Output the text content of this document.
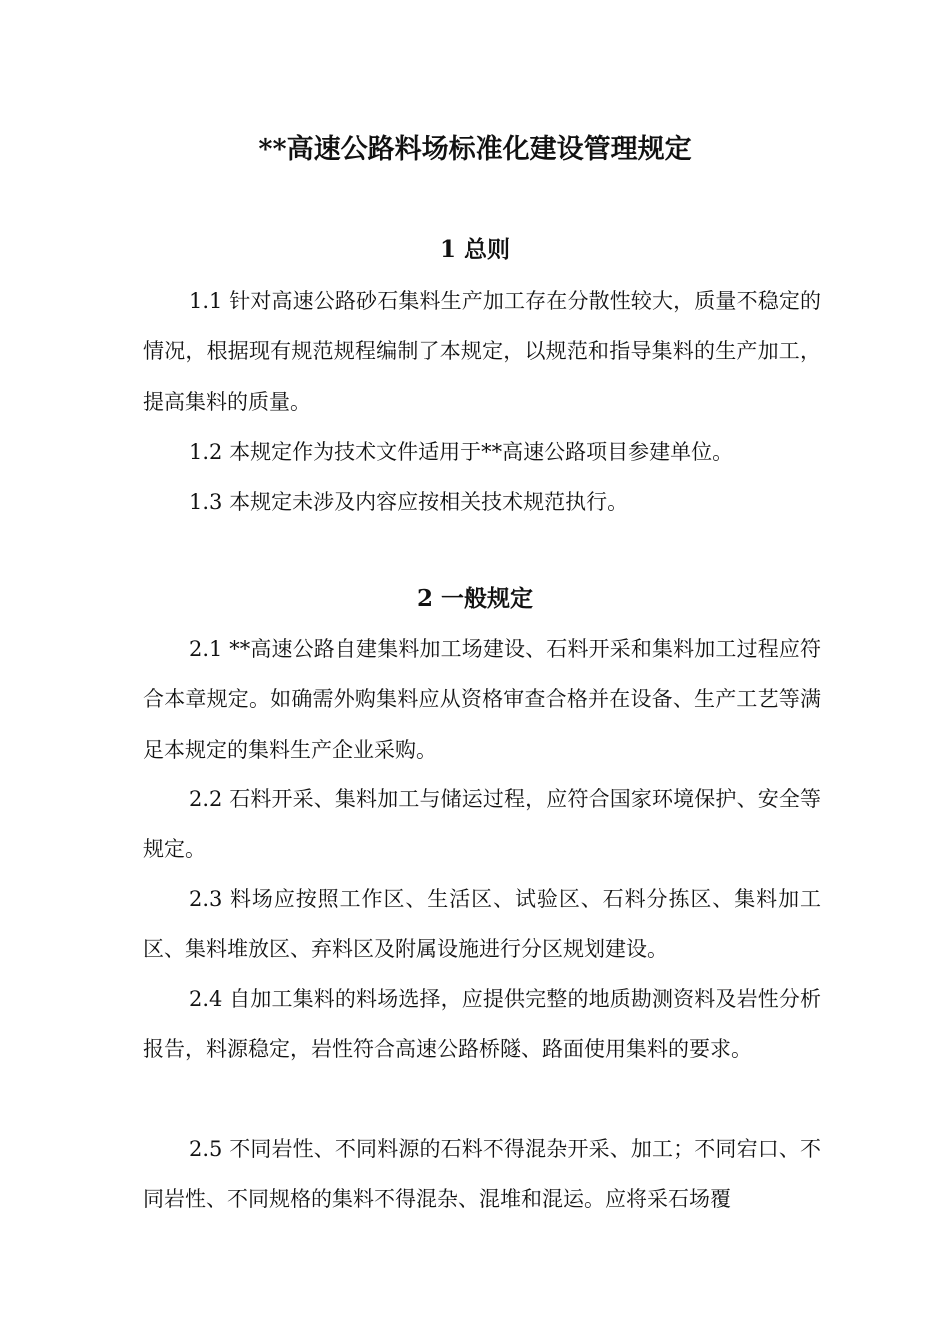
**高速公路料场标准化建设管理规定
1 总则

1.1 针对高速公路砂石集料生产加工存在分散性较大，质量不稳定的情况，根据现有规范规程编制了本规定，以规范和指导集料的生产加工，提高集料的质量。

1.2 本规定作为技术文件适用于**高速公路项目参建单位。

1.3 本规定未涉及内容应按相关技术规范执行。

2 一般规定

2.1 **高速公路自建集料加工场建设、石料开采和集料加工过程应符合本章规定。如确需外购集料应从资格审查合格并在设备、生产工艺等满足本规定的集料生产企业采购。

2.2 石料开采、集料加工与储运过程，应符合国家环境保护、安全等规定。

2.3 料场应按照工作区、生活区、试验区、石料分拣区、集料加工区、集料堆放区、弃料区及附属设施进行分区规划建设。

2.4 自加工集料的料场选择，应提供完整的地质勘测资料及岩性分析报告，料源稳定，岩性符合高速公路桥隧、路面使用集料的要求。

2.5 不同岩性、不同料源的石料不得混杂开采、加工；不同宕口、不同岩性、不同规格的集料不得混杂、混堆和混运。应将采石场覆
